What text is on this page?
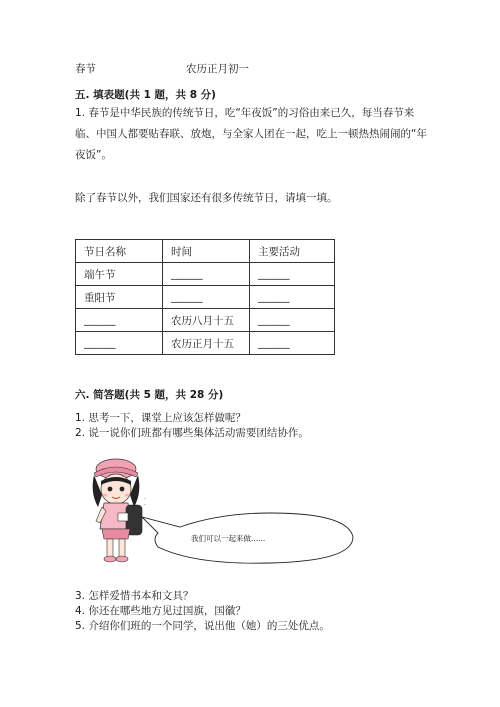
春节	农历正月初一
五. 填表题(共 1 题，共 8 分)
1. 春节是中华民族的传统节日，吃“年夜饭”的习俗由来已久，每当春节来临、中国人都要贴春联、放炮，与全家人团在一起，吃上一顿热热闹闹的“年夜饭”。
除了春节以外，我们国家还有很多传统节日，请填一填。
节日名称	时间	主要活动
端午节	______	______
重阳节	______	______
______	农历八月十五	______
______	农历正月十五	______
六. 简答题(共 5 题，共 28 分)
1. 思考一下，课堂上应该怎样做呢？
2. 说一说你们班都有哪些集体活动需要团结协作。
·
·
我们可以一起来做......
3. 怎样爱惜书本和文具？
4. 你还在哪些地方见过国旗，国徽？
5. 介绍你们班的一个同学，说出他（她）的三处优点。
